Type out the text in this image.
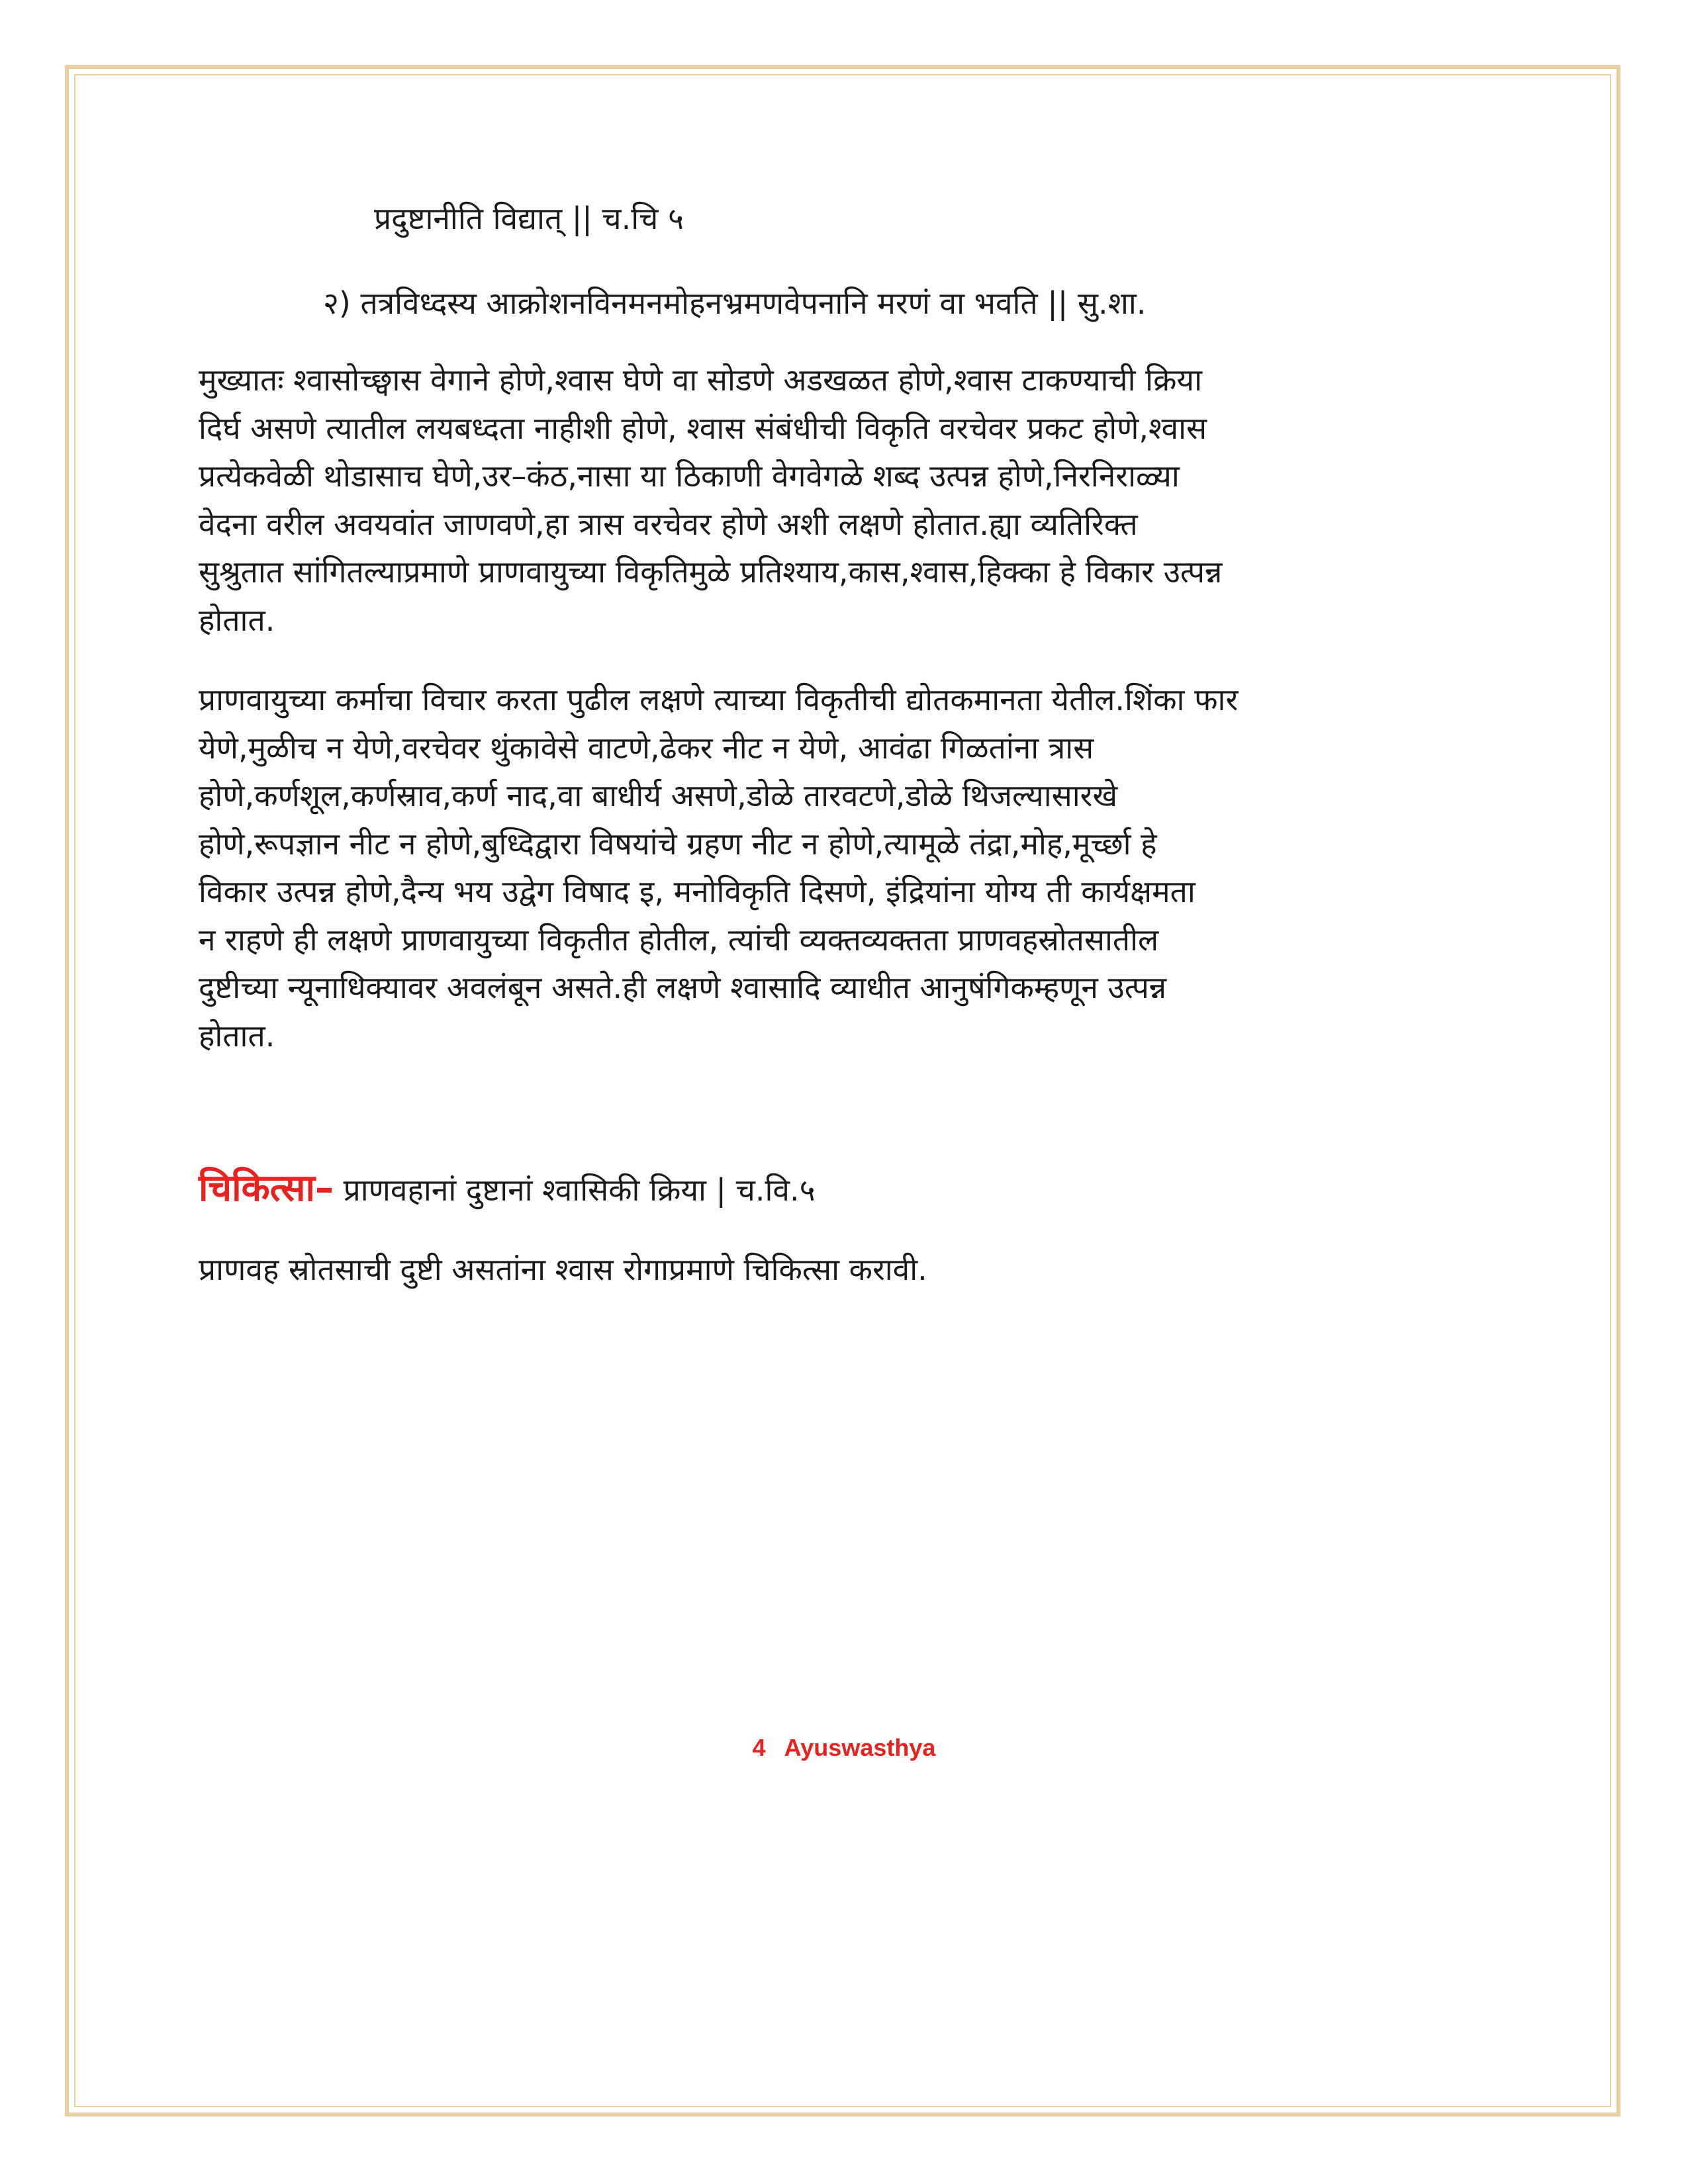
प्रदुष्टानीति विद्यात् || च.चि ५

२) तत्रविध्दस्य आक्रोशनविनमनमोहनभ्रमणवेपनानि मरणं वा भवति || सु.शा.

मुख्यातः श्वासोच्छ्वास वेगाने होणे,श्वास घेणे वा सोडणे अडखळत होणे,श्वास टाकण्याची क्रिया
दिर्घ असणे त्यातील लयबध्दता नाहीशी होणे, श्वास संबंधीची विकृति वरचेवर प्रकट होणे,श्वास
प्रत्येकवेळी थोडासाच घेणे,उर–कंठ,नासा या ठिकाणी वेगवेगळे शब्द उत्पन्न होणे,निरनिराळ्या
वेदना वरील अवयवांत जाणवणे,हा त्रास वरचेवर होणे अशी लक्षणे होतात.ह्या व्यतिरिक्त
सुश्रुतात सांगितल्याप्रमाणे प्राणवायुच्या विकृतिमुळे प्रतिश्याय,कास,श्वास,हिक्का हे विकार उत्पन्न
होतात.

प्राणवायुच्या कर्माचा विचार करता पुढील लक्षणे त्याच्या विकृतीची द्योतकमानता येतील.शिंका फार
येणे,मुळीच न येणे,वरचेवर थुंकावेसे वाटणे,ढेकर नीट न येणे, आवंढा गिळतांना त्रास
होणे,कर्णशूल,कर्णस्राव,कर्ण नाद,वा बाधीर्य असणे,डोळे तारवटणे,डोळे थिजल्यासारखे
होणे,रूपज्ञान नीट न होणे,बुध्दिद्वारा विषयांचे ग्रहण नीट न होणे,त्यामूळे तंद्रा,मोह,मूर्च्छा हे
विकार उत्पन्न होणे,दैन्य भय उद्वेग विषाद इ, मनोविकृति दिसणे, इंद्रियांना योग्य ती कार्यक्षमता
न राहणे ही लक्षणे प्राणवायुच्या विकृतीत होतील, त्यांची व्यक्तव्यक्तता प्राणवहस्रोतसातील
दुष्टीच्या न्यूनाधिक्यावर अवलंबून असते.ही लक्षणे श्वासादि व्याधीत आनुषंगिकम्हणून उत्पन्न
होतात.

चिकित्सा– प्राणवहानां दुष्टानां श्वासिकी क्रिया | च.वि.५

प्राणवह स्रोतसाची दुष्टी असतांना श्वास रोगाप्रमाणे चिकित्सा करावी.

4 Ayuswasthya
